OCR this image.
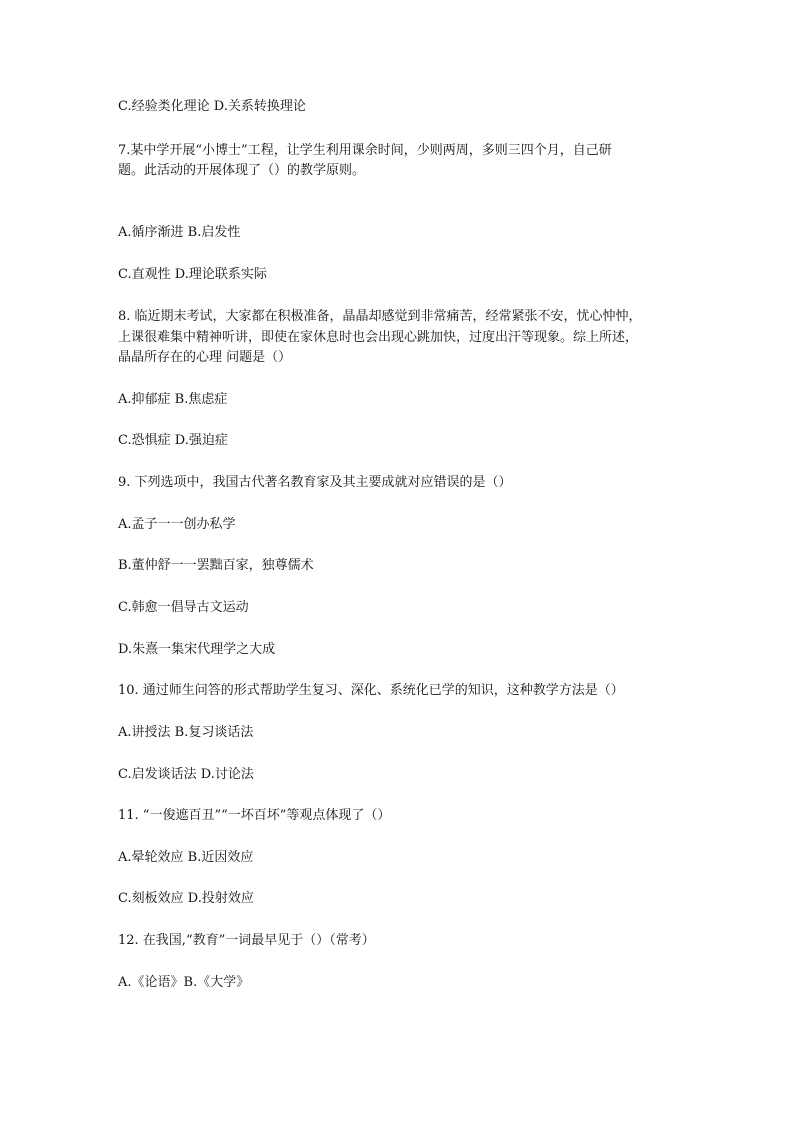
C.经验类化理论 D.关系转换理论
7.某中学开展“小博士”工程，让学生利用课余时间，少则两周，多则三四个月，自己研
题。此活动的开展体现了（）的教学原则。
A.循序渐进 B.启发性
C.直观性 D.理论联系实际
8. 临近期末考试，大家都在积极准备，晶晶却感觉到非常痛苦，经常紧张不安，忧心忡忡，
上课很难集中精神听讲，即使在家休息时也会出现心跳加快，过度出汗等现象。综上所述，
晶晶所存在的心理 问题是（）
A.抑郁症 B.焦虑症
C.恐惧症 D.强迫症
9. 下列选项中，我国古代著名教育家及其主要成就对应错误的是（）
A.孟子一一创办私学
B.董仲舒一一罢黜百家，独尊儒术
C.韩愈一倡导古文运动
D.朱熹一集宋代理学之大成
10. 通过师生问答的形式帮助学生复习、深化、系统化已学的知识，这种教学方法是（）
A.讲授法 B.复习谈话法
C.启发谈话法 D.讨论法
11. “一俊遮百丑”“一坏百坏”等观点体现了（）
A.晕轮效应 B.近因效应
C.刻板效应 D.投射效应
12. 在我国,“教育”一词最早见于（）（常考）
A.《论语》B.《大学》
